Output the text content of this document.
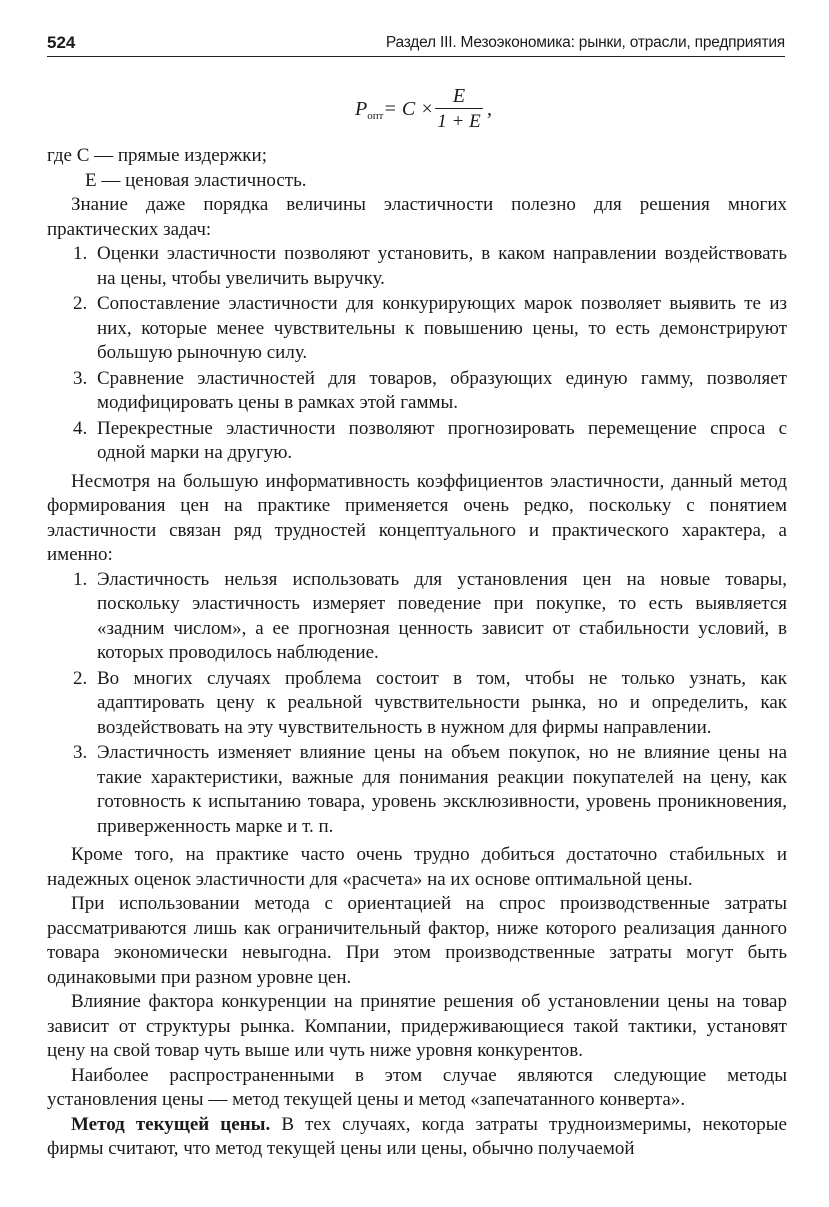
524	Раздел III. Мезоэкономика: рынки, отрасли, предприятия
$P_{опт}= C$ ×
E
1 + E
,

где C — прямые издержки;

E — ценовая эластичность.

Знание даже порядка величины эластичности полезно для решения многих практических задач:

1. Оценки эластичности позволяют установить, в каком направлении воздействовать на цены, чтобы увеличить выручку.
2. Сопоставление эластичности для конкурирующих марок позволяет выявить те из них, которые менее чувствительны к повышению цены, то есть демонстрируют большую рыночную силу.
3. Сравнение эластичностей для товаров, образующих единую гамму, позволяет модифицировать цены в рамках этой гаммы.
4. Перекрестные эластичности позволяют прогнозировать перемещение спроса с одной марки на другую.

Несмотря на большую информативность коэффициентов эластичности, данный метод формирования цен на практике применяется очень редко, поскольку с понятием эластичности связан ряд трудностей концептуального и практического характера, а именно:

1. Эластичность нельзя использовать для установления цен на новые товары, поскольку эластичность измеряет поведение при покупке, то есть выявляется «задним числом», а ее прогнозная ценность зависит от стабильности условий, в которых проводилось наблюдение.
2. Во многих случаях проблема состоит в том, чтобы не только узнать, как адаптировать цену к реальной чувствительности рынка, но и определить, как воздействовать на эту чувствительность в нужном для фирмы направлении.
3. Эластичность изменяет влияние цены на объем покупок, но не влияние цены на такие характеристики, важные для понимания реакции покупателей на цену, как готовность к испытанию товара, уровень эксклюзивности, уровень проникновения, приверженность марке и т. п.

Кроме того, на практике часто очень трудно добиться достаточно стабильных и надежных оценок эластичности для «расчета» на их основе оптимальной цены.

При использовании метода с ориентацией на спрос производственные затраты рассматриваются лишь как ограничительный фактор, ниже которого реализация данного товара экономически невыгодна. При этом производственные затраты могут быть одинаковыми при разном уровне цен.

Влияние фактора конкуренции на принятие решения об установлении цены на товар зависит от структуры рынка. Компании, придерживающиеся такой тактики, установят цену на свой товар чуть выше или чуть ниже уровня конкурентов.

Наиболее распространенными в этом случае являются следующие методы установления цены — метод текущей цены и метод «запечатанного конверта».

Метод текущей цены. В тех случаях, когда затраты трудноизмеримы, некоторые фирмы считают, что метод текущей цены или цены, обычно получаемой
